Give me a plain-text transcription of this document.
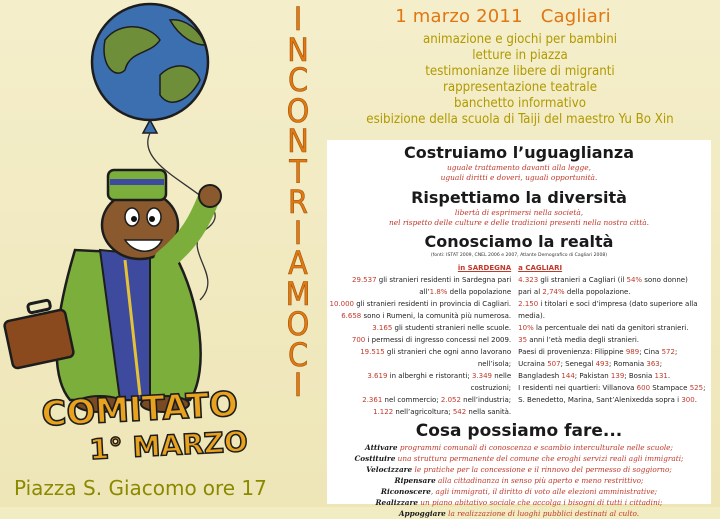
COMITATO
1° MARZO
I
N
C
O
N
T
R
I
A
M
O
C
I
1 marzo 2011 Cagliari
animazione e giochi per bambini
letture in piazza
testimonianze libere di migranti
rappresentazione teatrale
banchetto informativo
esibizione della scuola di Taiji del maestro Yu Bo Xin
Costruiamo l’uguaglianza
uguale trattamento davanti alla legge,
uguali diritti e doveri, uguali opportunità.
Rispettiamo la diversità
libertà di esprimersi nella società,
nel rispetto delle culture e delle tradizioni presenti nella nostra città.
Conosciamo la realtà
(fonti: ISTAT 2009, CNEL 2006 e 2007, Atlante Demografico di Cagliari 2008)
in SARDEGNA	a CAGLIARI
29.537 gli stranieri residenti in Sardegna pari
all’1.8% della popolazione
10.000 gli stranieri residenti in provincia di Cagliari.
6.658 sono i Rumeni, la comunità più numerosa.
3.165 gli studenti stranieri nelle scuole.
700 i permessi di ingresso concessi nel 2009.
19.515 gli stranieri che ogni anno lavorano nell’isola;
3.619 in alberghi e ristoranti; 3.349 nelle costruzioni;
2.361 nel commercio; 2.052 nell’industria;
1.122 nell’agricoltura; 542 nella sanità.
4.323 gli stranieri a Cagliari (il 54% sono donne)
pari al 2,74% della popolazione.
2.150 i titolari e soci d’impresa (dato superiore alla media).
10% la percentuale dei nati da genitori stranieri.
35 anni l’età media degli stranieri.
Paesi di provenienza: Filippine 989; Cina 572;
Ucraina 507; Senegal 493; Romania 363;
Bangladesh 144; Pakistan 139; Bosnia 131.
I residenti nei quartieri: Villanova 600 Stampace 525;
S. Benedetto, Marina, Sant’Alenixedda sopra i 300.
Cosa possiamo fare...
Attivare programmi comunali di conoscenza e scambio interculturale nelle scuole;
Costituire una struttura permanente del comune che eroghi servizi reali agli immigrati;
Velocizzare le pratiche per la concessione e il rinnovo del permesso di soggiorno;
Ripensare alla cittadinanza in senso più aperto e meno restrittivo;
Riconoscere, agli immigrati, il diritto di voto alle elezioni amministrative;
Realizzare un piano abitativo sociale che accolga i bisogni di tutti i cittadini;
Appoggiare la realizzazione di luoghi pubblici destinati al culto.
Piazza S. Giacomo ore 17
